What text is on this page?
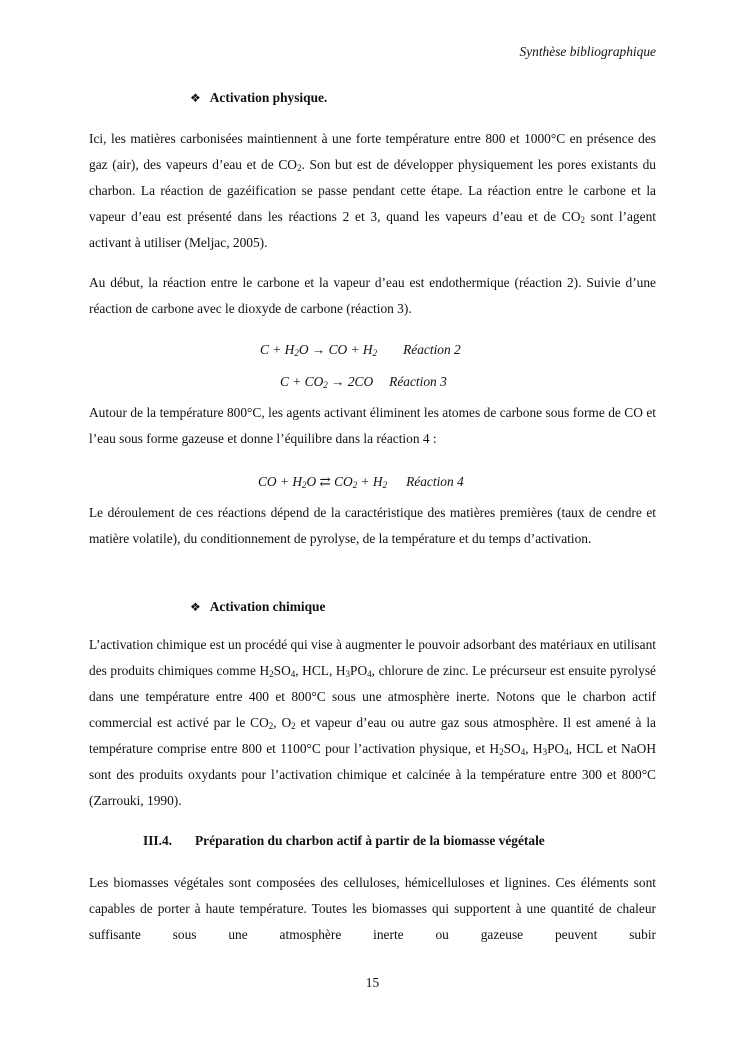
Synthèse bibliographique
❖ Activation physique.
Ici, les matières carbonisées maintiennent à une forte température entre 800 et 1000°C en présence des gaz (air), des vapeurs d’eau et de $CO_2$. Son but est de développer physiquement les pores existants du charbon. La réaction de gazéification se passe pendant cette étape. La réaction entre le carbone et la vapeur d’eau est présenté dans les réactions 2 et 3, quand les vapeurs d’eau et de $CO_2$ sont l’agent activant à utiliser (Meljac, 2005).
Au début, la réaction entre le carbone et la vapeur d’eau est endothermique (réaction 2). Suivie d’une réaction de carbone avec le dioxyde de carbone (réaction 3).
$C + H_2O$ → CO + $H_2$ Réaction 2
$C + CO_2 \to 2CO$ Réaction 3
Autour de la température 800°C, les agents activant éliminent les atomes de carbone sous forme de CO et l’eau sous forme gazeuse et donne l’équilibre dans la réaction 4 :
CO + $H_2O$ ⇄ $CO_2 + H_2$ Réaction 4
Le déroulement de ces réactions dépend de la caractéristique des matières premières (taux de cendre et matière volatile), du conditionnement de pyrolyse, de la température et du temps d’activation.
❖ Activation chimique
L’activation chimique est un procédé qui vise à augmenter le pouvoir adsorbant des matériaux en utilisant des produits chimiques comme $H_2SO_4$, HCL, $H_3PO_4$, chlorure de zinc. Le précurseur est ensuite pyrolysé dans une température entre 400 et 800°C sous une atmosphère inerte. Notons que le charbon actif commercial est activé par le $CO_2$, $O_2$ et vapeur d’eau ou autre gaz sous atmosphère. Il est amené à la température comprise entre 800 et 1100°C pour l’activation physique, et $H_2SO_4$, $H_3PO_4$, HCL et NaOH sont des produits oxydants pour l’activation chimique et calcinée à la température entre 300 et 800°C (Zarrouki, 1990).
III.4. Préparation du charbon actif à partir de la biomasse végétale
Les biomasses végétales sont composées des celluloses, hémicelluloses et lignines. Ces éléments sont capables de porter à haute température. Toutes les biomasses qui supportent à une quantité de chaleur suffisante sous une atmosphère inerte ou gazeuse peuvent subir
15
